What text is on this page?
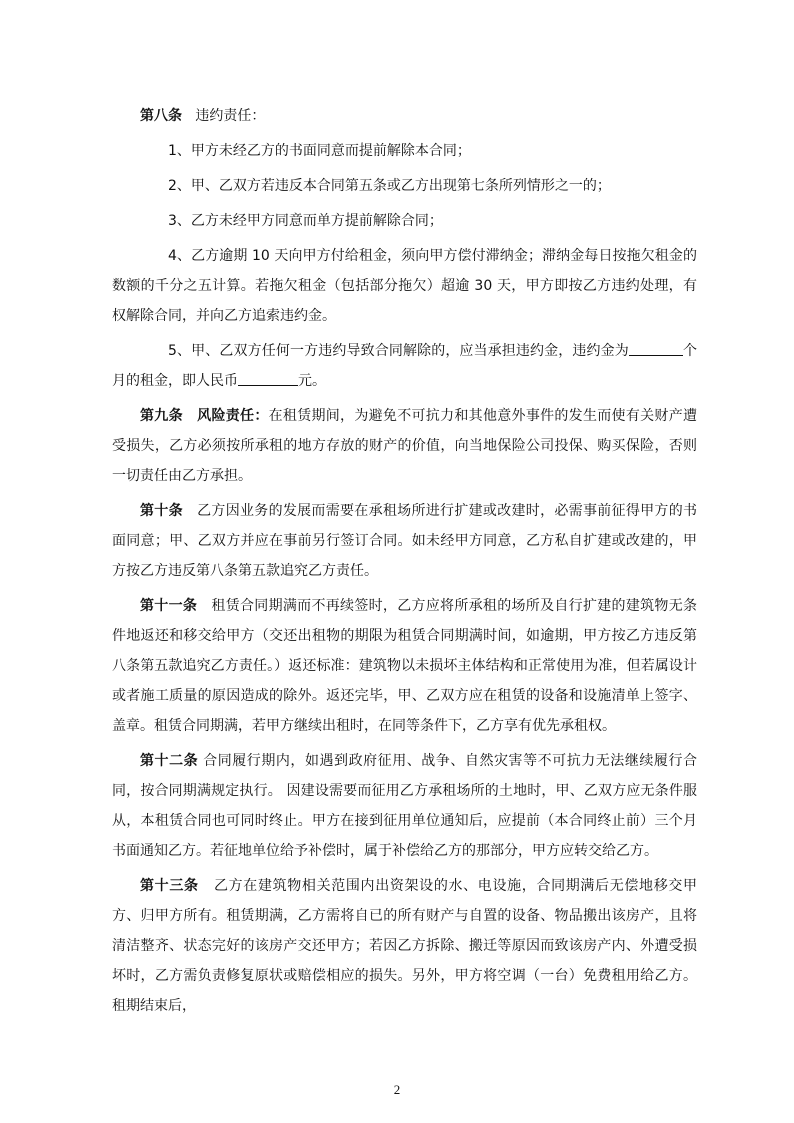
第八条 违约责任：

1、甲方未经乙方的书面同意而提前解除本合同；

2、甲、乙双方若违反本合同第五条或乙方出现第七条所列情形之一的；

3、乙方未经甲方同意而单方提前解除合同；

4、乙方逾期 10 天向甲方付给租金，须向甲方偿付滞纳金；滞纳金每日按拖欠租金的数额的千分之五计算。若拖欠租金（包括部分拖欠）超逾 30 天，甲方即按乙方违约处理，有权解除合同，并向乙方追索违约金。

5、甲、乙双方任何一方违约导致合同解除的，应当承担违约金，违约金为	个月的租金，即人民币	元。

第九条　风险责任：在租赁期间，为避免不可抗力和其他意外事件的发生而使有关财产遭受损失，乙方必须按所承租的地方存放的财产的价值，向当地保险公司投保、购买保险，否则一切责任由乙方承担。

第十条 乙方因业务的发展而需要在承租场所进行扩建或改建时，必需事前征得甲方的书面同意；甲、乙双方并应在事前另行签订合同。如未经甲方同意，乙方私自扩建或改建的，甲方按乙方违反第八条第五款追究乙方责任。

第十一条 租赁合同期满而不再续签时，乙方应将所承租的场所及自行扩建的建筑物无条件地返还和移交给甲方（交还出租物的期限为租赁合同期满时间，如逾期，甲方按乙方违反第八条第五款追究乙方责任。）返还标准：建筑物以未损坏主体结构和正常使用为准，但若属设计或者施工质量的原因造成的除外。返还完毕，甲、乙双方应在租赁的设备和设施清单上签字、盖章。租赁合同期满，若甲方继续出租时，在同等条件下，乙方享有优先承租权。

第十二条 合同履行期内，如遇到政府征用、战争、自然灾害等不可抗力无法继续履行合同，按合同期满规定执行。 因建设需要而征用乙方承租场所的土地时，甲、乙双方应无条件服从，本租赁合同也可同时终止。甲方在接到征用单位通知后，应提前（本合同终止前）三个月书面通知乙方。若征地单位给予补偿时，属于补偿给乙方的那部分，甲方应转交给乙方。

第十三条 乙方在建筑物相关范围内出资架设的水、电设施，合同期满后无偿地移交甲方、归甲方所有。租赁期满，乙方需将自已的所有财产与自置的设备、物品搬出该房产，且将清洁整齐、状态完好的该房产交还甲方；若因乙方拆除、搬迁等原因而致该房产内、外遭受损坏时，乙方需负责修复原状或赔偿相应的损失。另外，甲方将空调（一台）免费租用给乙方。租期结束后，

2
